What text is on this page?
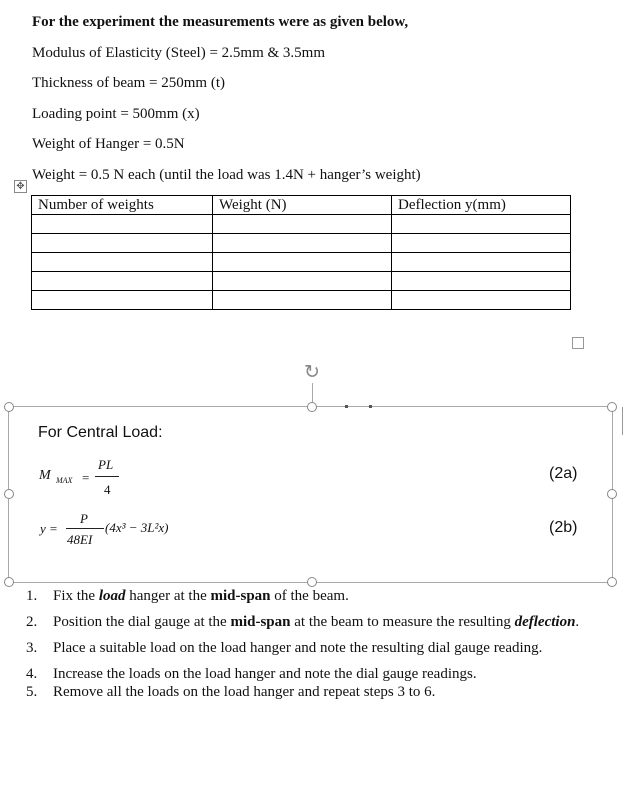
For the experiment the measurements were as given below,
Modulus of Elasticity (Steel) = 2.5mm & 3.5mm
Thickness of beam = 250mm (t)
Loading point = 500mm (x)
Weight of Hanger = 0.5N
Weight = 0.5 N each (until the load was 1.4N + hanger’s weight)
✥
Number of weights	Weight (N)	Deflection y(mm)

↻
For Central Load:
M MAX =
PL
4
(2a)
y =
P
48EI
(4x³ − 3L²x)	(2b)
1. Fix the load hanger at the mid-span of the beam.
2. Position the dial gauge at the mid-span at the beam to measure the resulting deflection.
3. Place a suitable load on the load hanger and note the resulting dial gauge reading.
4. Increase the loads on the load hanger and note the dial gauge readings.
5. Remove all the loads on the load hanger and repeat steps 3 to 6.
